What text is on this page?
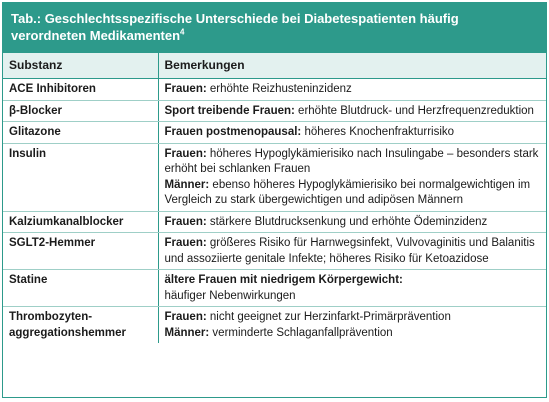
Tab.: Geschlechtsspezifische Unterschiede bei Diabetespatienten häufig
verordneten Medikamenten$^4$
Substanz	Bemerkungen
ACE Inhibitoren	Frauen: erhöhte Reizhusteninzidenz

β-Blocker	Sport treibende Frauen: erhöhte Blutdruck- und Herzfrequenzreduktion

Glitazone	Frauen postmenopausal: höheres Knochenfrakturrisiko

Insulin	Frauen: höheres Hypoglykämierisiko nach Insulingabe – besonders stark erhöht bei schlanken Frauen
Männer: ebenso höheres Hypoglykämierisiko bei normalgewichtigen im Vergleich zu stark übergewichtigen und adipösen Männern

Kalziumkanalblocker	Frauen: stärkere Blutdrucksenkung und erhöhte Ödeminzidenz

SGLT2-Hemmer	Frauen: größeres Risiko für Harnwegsinfekt, Vulvovaginitis und Balanitis und assoziierte genitale Infekte; höheres Risiko für Ketoazidose

Statine	ältere Frauen mit niedrigem Körpergewicht:
häufiger Nebenwirkungen

Thrombozytenaggregationshemmer	Frauen: nicht geeignet zur Herzinfarkt-Primärprävention
Männer: verminderte Schlaganfallprävention
